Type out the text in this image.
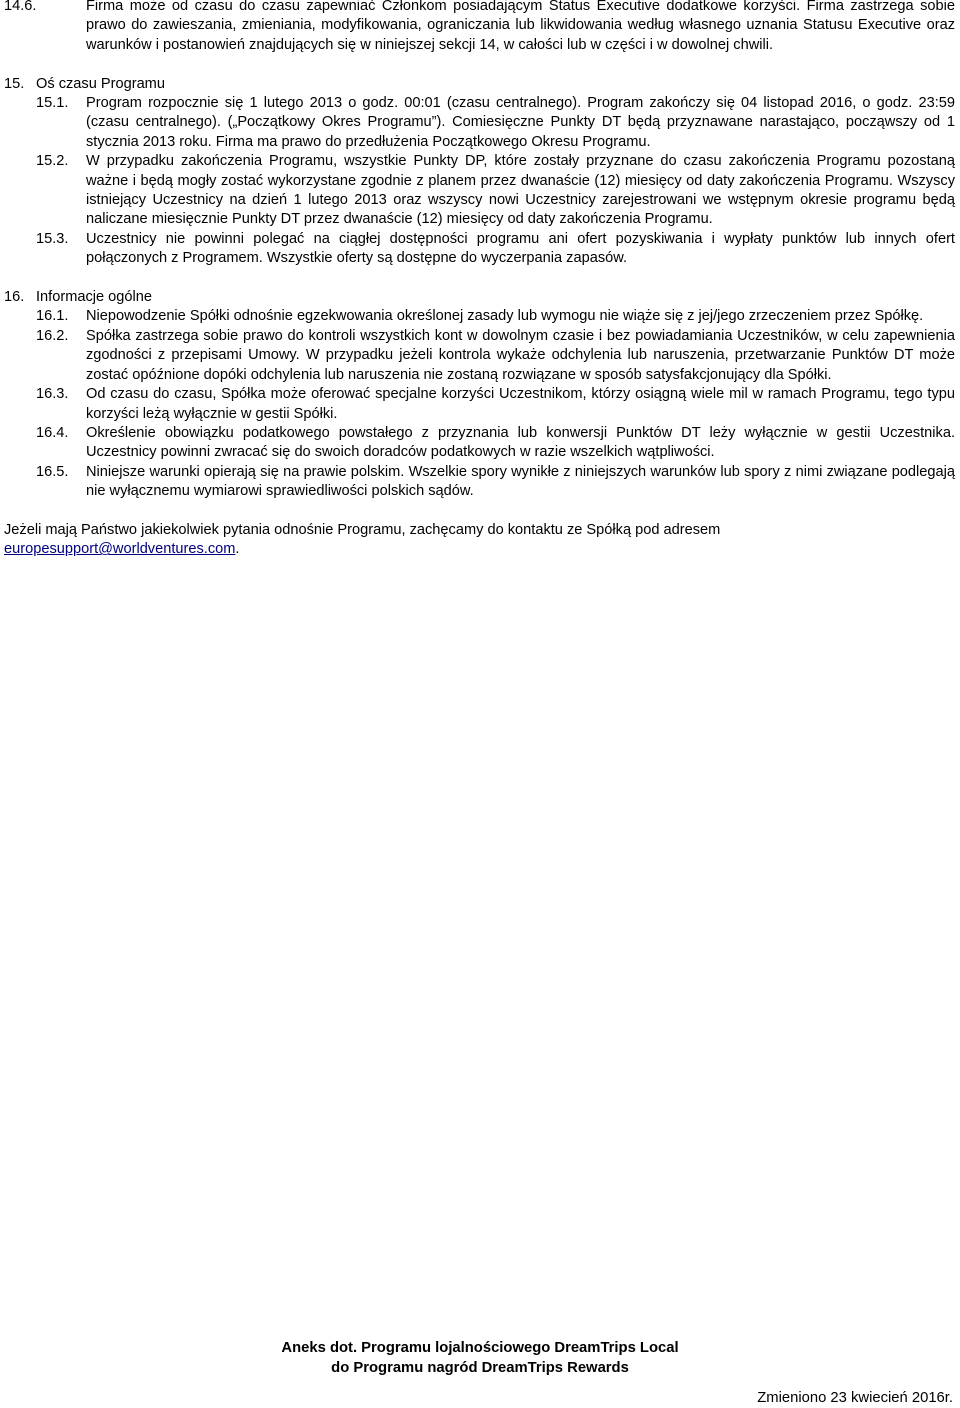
14.6.	Firma może od czasu do czasu zapewniać Członkom posiadającym Status Executive dodatkowe korzyści. Firma zastrzega sobie prawo do zawieszania, zmieniania, modyfikowania, ograniczania lub likwidowania według własnego uznania Statusu Executive oraz warunków i postanowień znajdujących się w niniejszej sekcji 14, w całości lub w części i w dowolnej chwili.
15. Oś czasu Programu
15.1.	Program rozpocznie się 1 lutego 2013 o godz. 00:01 (czasu centralnego). Program zakończy się 04 listopad 2016, o godz. 23:59 (czasu centralnego). („Początkowy Okres Programu”). Comiesięczne Punkty DT będą przyznawane narastająco, począwszy od 1 stycznia 2013 roku. Firma ma prawo do przedłużenia Początkowego Okresu Programu.
15.2.	W przypadku zakończenia Programu, wszystkie Punkty DP, które zostały przyznane do czasu zakończenia Programu pozostaną ważne i będą mogły zostać wykorzystane zgodnie z planem przez dwanaście (12) miesięcy od daty zakończenia Programu. Wszyscy istniejący Uczestnicy na dzień 1 lutego 2013 oraz wszyscy nowi Uczestnicy zarejestrowani we wstępnym okresie programu będą naliczane miesięcznie Punkty DT przez dwanaście (12) miesięcy od daty zakończenia Programu.
15.3.	Uczestnicy nie powinni polegać na ciągłej dostępności programu ani ofert pozyskiwania i wypłaty punktów lub innych ofert połączonych z Programem. Wszystkie oferty są dostępne do wyczerpania zapasów.
16. Informacje ogólne
16.1.	Niepowodzenie Spółki odnośnie egzekwowania określonej zasady lub wymogu nie wiąże się z jej/jego zrzeczeniem przez Spółkę.
16.2.	Spółka zastrzega sobie prawo do kontroli wszystkich kont w dowolnym czasie i bez powiadamiania Uczestników, w celu zapewnienia zgodności z przepisami Umowy. W przypadku jeżeli kontrola wykaże odchylenia lub naruszenia, przetwarzanie Punktów DT może zostać opóźnione dopóki odchylenia lub naruszenia nie zostaną rozwiązane w sposób satysfakcjonujący dla Spółki.
16.3.	Od czasu do czasu, Spółka może oferować specjalne korzyści Uczestnikom, którzy osiągną wiele mil w ramach Programu, tego typu korzyści leżą wyłącznie w gestii Spółki.
16.4.	Określenie obowiązku podatkowego powstałego z przyznania lub konwersji Punktów DT leży wyłącznie w gestii Uczestnika. Uczestnicy powinni zwracać się do swoich doradców podatkowych w razie wszelkich wątpliwości.
16.5.	Niniejsze warunki opierają się na prawie polskim. Wszelkie spory wynikłe z niniejszych warunków lub spory z nimi związane podlegają nie wyłącznemu wymiarowi sprawiedliwości polskich sądów.
Jeżeli mają Państwo jakiekolwiek pytania odnośnie Programu, zachęcamy do kontaktu ze Spółką pod adresem
europesupport@worldventures.com.
Aneks dot. Programu lojalnościowego DreamTrips Local
do Programu nagród DreamTrips Rewards
Zmieniono 23 kwiecień 2016r.
